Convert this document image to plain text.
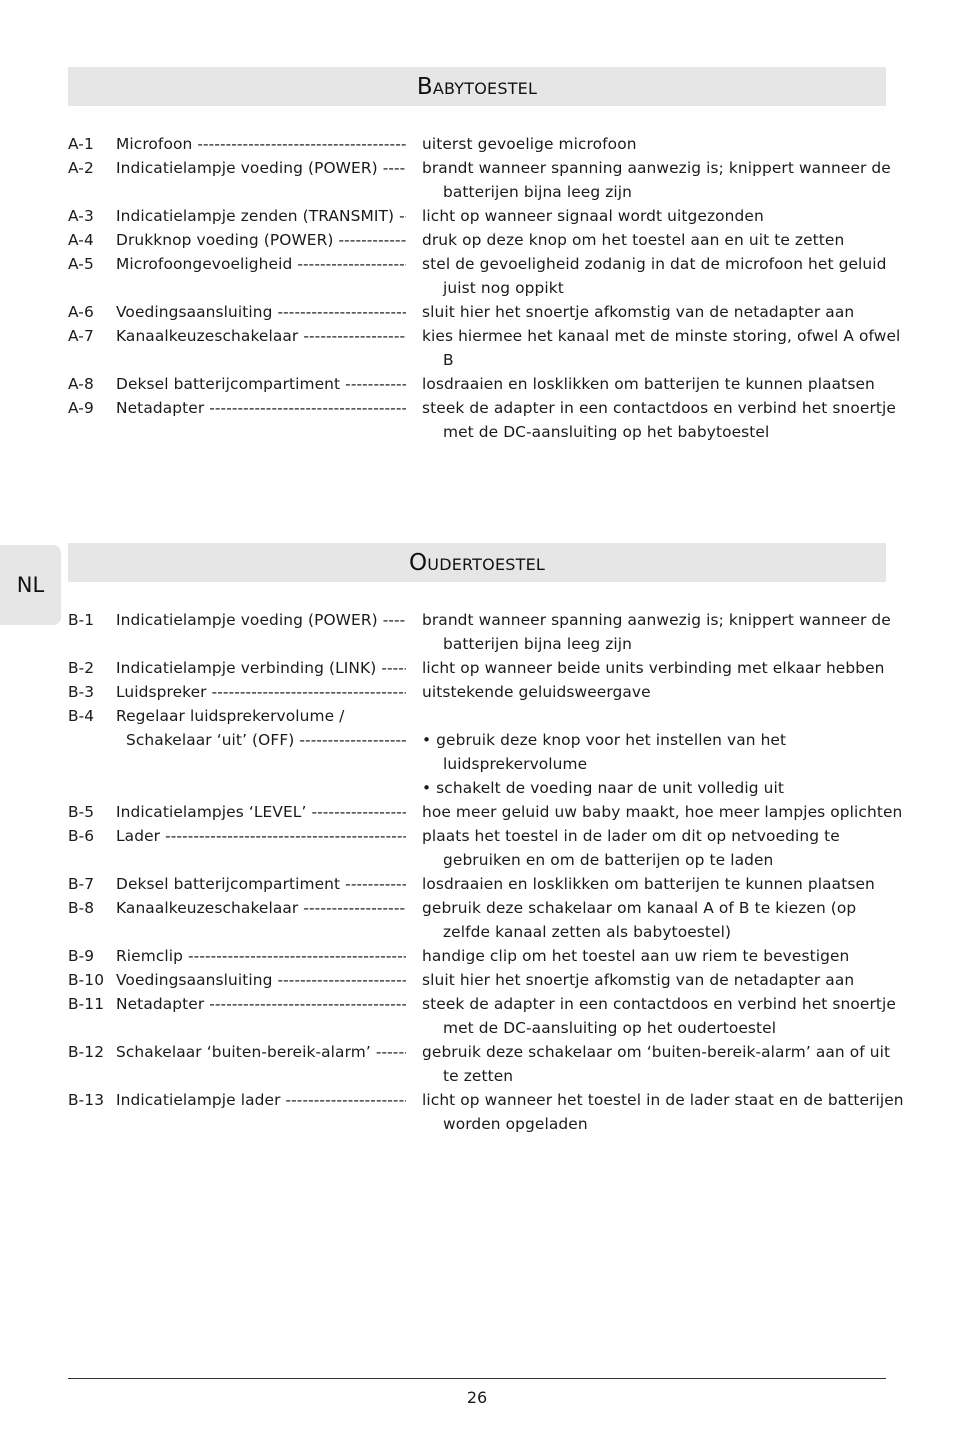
NL
Babytoestel
A-1	Microfoon -----	uiterst gevoelige microfoon
A-2	Indicatielampje voeding (POWER) -----	brandt wanneer spanning aanwezig is; knippert wanneer de batterijen bijna leeg zijn
A-3	Indicatielampje zenden (TRANSMIT) ----- licht op wanneer signaal wordt uitgezonden
A-4	Drukknop voeding (POWER) -----	druk op deze knop om het toestel aan en uit te zetten
A-5	Microfoongevoeligheid -----	stel de gevoeligheid zodanig in dat de microfoon het geluid juist nog oppikt
A-6	Voedingsaansluiting -----	sluit hier het snoertje afkomstig van de netadapter aan
A-7	Kanaalkeuzeschakelaar -----	kies hiermee het kanaal met de minste storing, ofwel A ofwel B
A-8	Deksel batterijcompartiment -----	losdraaien en losklikken om batterijen te kunnen plaatsen
A-9	Netadapter -----	steek de adapter in een contactdoos en verbind het snoertje met de DC-aansluiting op het babytoestel
Oudertoestel
B-1	Indicatielampje voeding (POWER) -----	brandt wanneer spanning aanwezig is; knippert wanneer de batterijen bijna leeg zijn
B-2	Indicatielampje verbinding (LINK) -----	licht op wanneer beide units verbinding met elkaar hebben
B-3	Luidspreker -----	uitstekende geluidsweergave
B-4	Regelaar luidsprekervolume /
Schakelaar ‘uit’ (OFF) -----	• gebruik deze knop voor het instellen van het luidsprekervolume
• schakelt de voeding naar de unit volledig uit
B-5	Indicatielampjes ‘LEVEL’ -----	hoe meer geluid uw baby maakt, hoe meer lampjes oplichten
B-6	Lader -----	plaats het toestel in de lader om dit op netvoeding te gebruiken en om de batterijen op te laden
B-7	Deksel batterijcompartiment -----	losdraaien en losklikken om batterijen te kunnen plaatsen
B-8	Kanaalkeuzeschakelaar -----	gebruik deze schakelaar om kanaal A of B te kiezen (op zelfde kanaal zetten als babytoestel)
B-9	Riemclip -----	handige clip om het toestel aan uw riem te bevestigen
B-10 Voedingsaansluiting -----	sluit hier het snoertje afkomstig van de netadapter aan
B-11 Netadapter -----	steek de adapter in een contactdoos en verbind het snoertje met de DC-aansluiting op het oudertoestel
B-12 Schakelaar ‘buiten-bereik-alarm’ -----	gebruik deze schakelaar om ‘buiten-bereik-alarm’ aan of uit te zetten
B-13 Indicatielampje lader -----	licht op wanneer het toestel in de lader staat en de batterijen worden opgeladen
26
